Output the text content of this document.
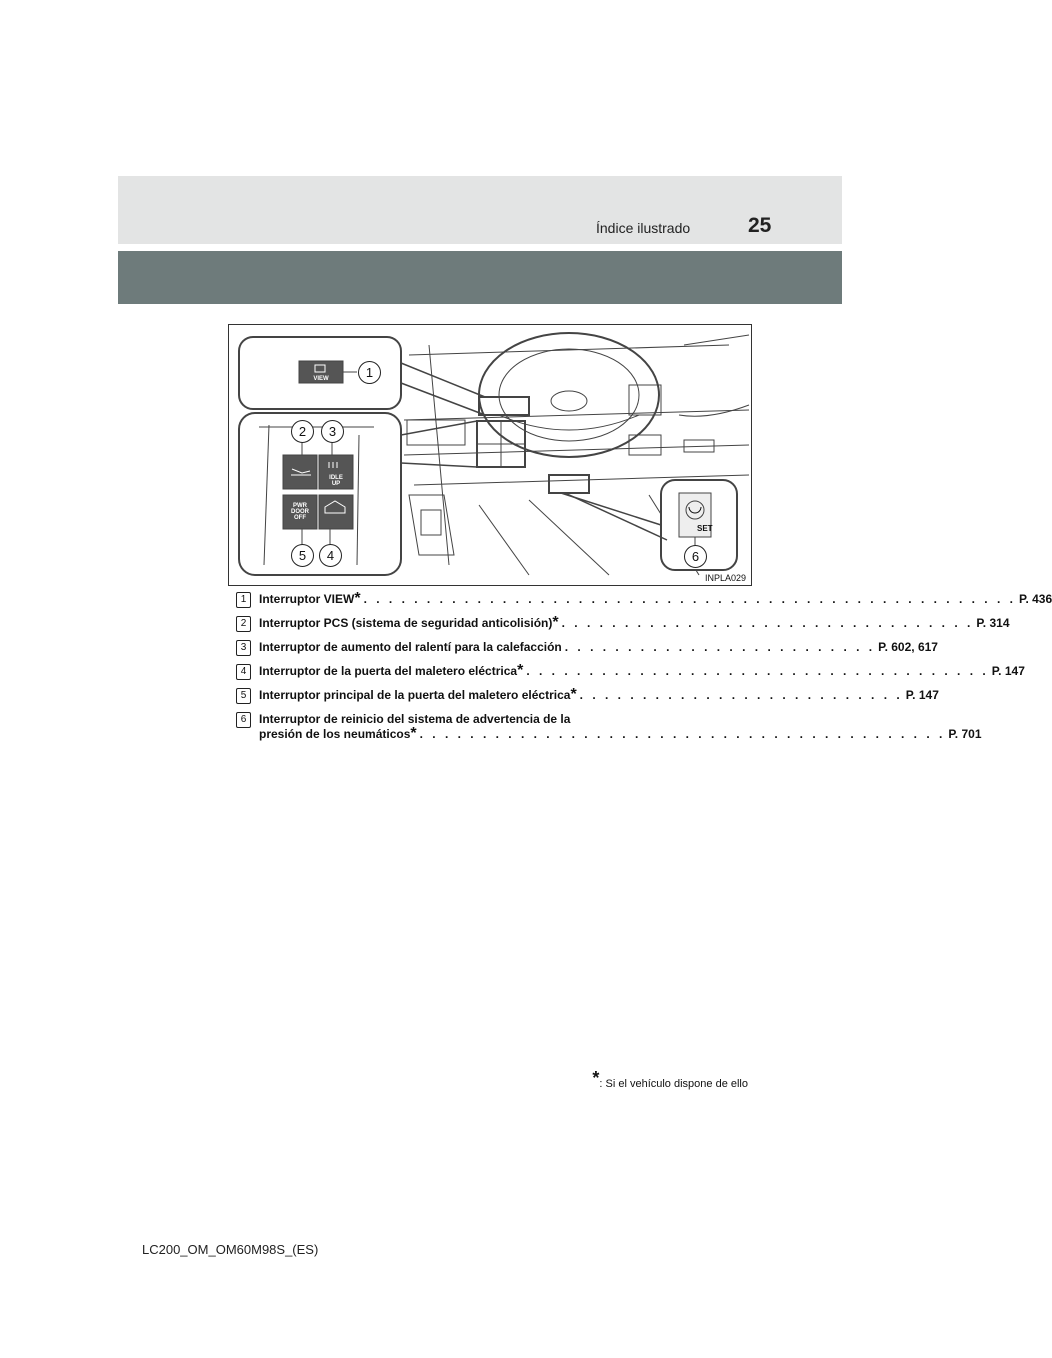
Índice ilustrado	25
VIEW
IDLE
UP
PWR
DOOR
OFF
SET
1
2	3
4
5	6
INPLA029
1	Interruptor VIEW * . . . . . . . . . . . . . . . . . . . . . . . . . . . . . . . . . . . . . . . . . . . . . . . . . . . . P. 436
2	Interruptor PCS (sistema de seguridad anticolisión) * . . . . . . . . . . . . . . . . . . . . . . . . . . . . . . . . . P. 314
3	Interruptor de aumento del ralentí para la calefacción . . . . . . . . . . . . . . . . . . . . . . . . . P. 602, 617
4	Interruptor de la puerta del maletero eléctrica * . . . . . . . . . . . . . . . . . . . . . . . . . . . . . . . . . . . . . P. 147
5	Interruptor principal de la puerta del maletero eléctrica * . . . . . . . . . . . . . . . . . . . . . . . . . . P. 147
6	Interruptor de reinicio del sistema de advertencia de la
presión de los neumáticos * . . . . . . . . . . . . . . . . . . . . . . . . . . . . . . . . . . . . . . . . . . P. 701
*: Si el vehículo dispone de ello
LC200_OM_OM60M98S_(ES)
